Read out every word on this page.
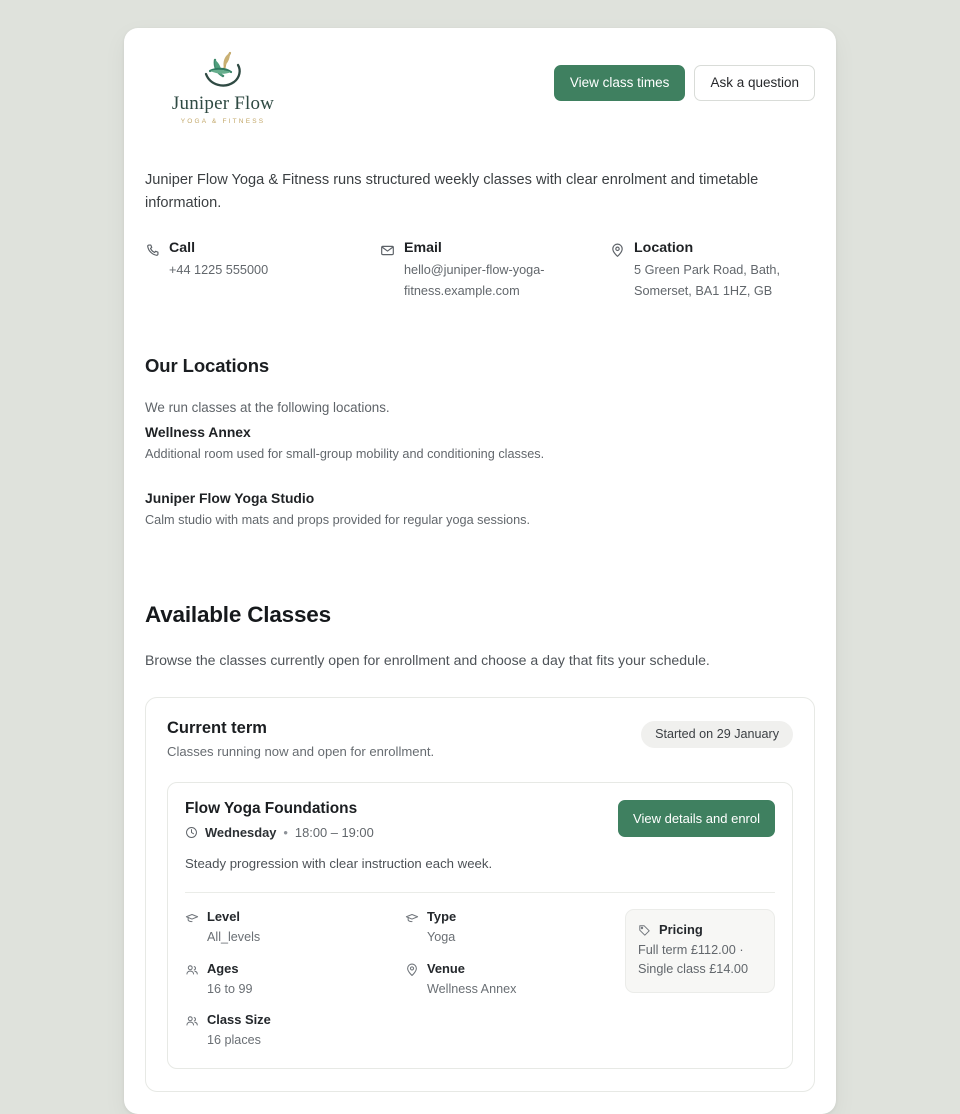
Juniper Flow
YOGA & FITNESS
View class times	Ask a question

Juniper Flow Yoga & Fitness runs structured weekly classes with clear enrolment and timetable information.

Call
+44 1225 555000
Email
hello@juniper-flow-yoga-fitness.example.com
Location
5 Green Park Road, Bath, Somerset, BA1 1HZ, GB
Our Locations

We run classes at the following locations.

Wellness Annex
Additional room used for small-group mobility and conditioning classes.
Juniper Flow Yoga Studio
Calm studio with mats and props provided for regular yoga sessions.
Available Classes

Browse the classes currently open for enrollment and choose a day that fits your schedule.

Current term
Classes running now and open for enrollment.
Started on 29 January
Flow Yoga Foundations
Wednesday • 18:00 – 19:00
View details and enrol

Steady progression with clear instruction each week.

Level
All_levels
Ages
16 to 99
Class Size
16 places
Type
Yoga
Venue
Wellness Annex
Pricing
Full term £112.00 · Single class £14.00
